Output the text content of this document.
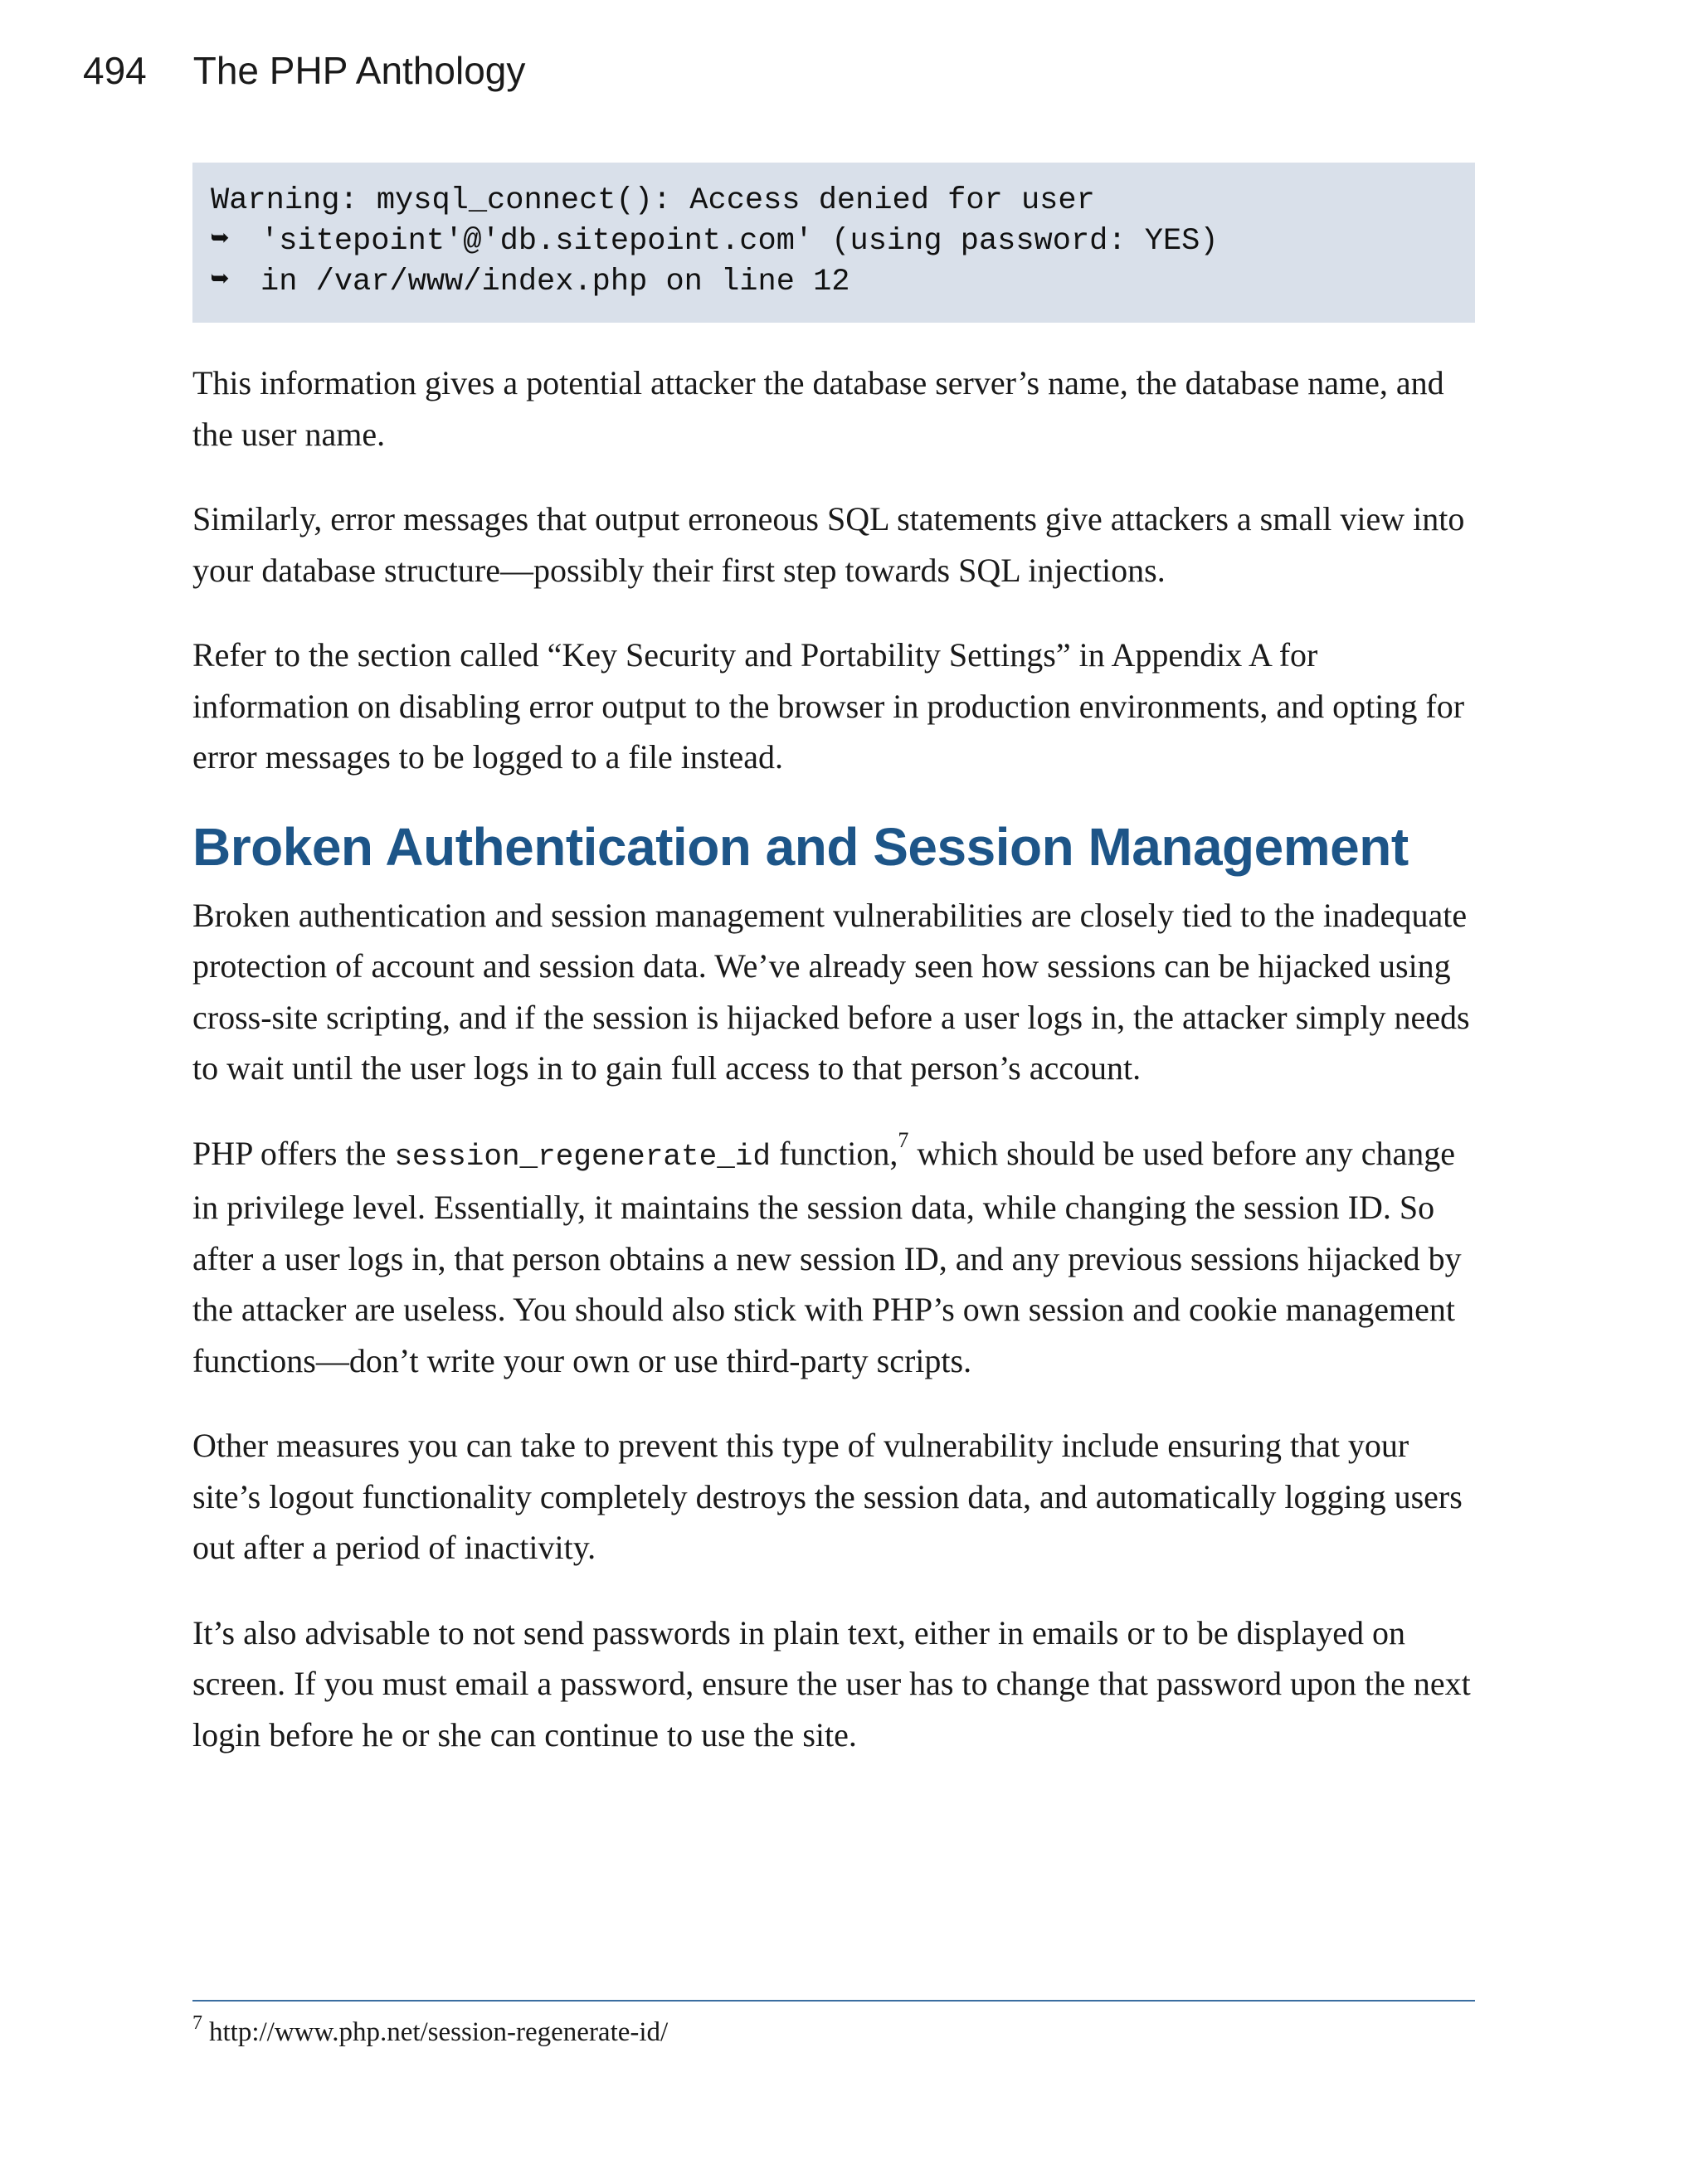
494 The PHP Anthology
Warning: mysql_connect(): Access denied for user
➥ 'sitepoint'@'db.sitepoint.com' (using password: YES)
➥ in /var/www/index.php on line 12

This information gives a potential attacker the database server’s name, the database name, and the user name.

Similarly, error messages that output erroneous SQL statements give attackers a small view into your database structure—possibly their first step towards SQL injections.

Refer to the section called “Key Security and Portability Settings” in Appendix A for information on disabling error output to the browser in production environments, and opting for error messages to be logged to a file instead.

Broken Authentication and Session Management

Broken authentication and session management vulnerabilities are closely tied to the inadequate protection of account and session data. We’ve already seen how sessions can be hijacked using cross-site scripting, and if the session is hijacked before a user logs in, the attacker simply needs to wait until the user logs in to gain full access to that person’s account.

PHP offers the session_regenerate_id function,$^7$ which should be used before any change in privilege level. Essentially, it maintains the session data, while changing the session ID. So after a user logs in, that person obtains a new session ID, and any previous sessions hijacked by the attacker are useless. You should also stick with PHP’s own session and cookie management functions—don’t write your own or use third-party scripts.

Other measures you can take to prevent this type of vulnerability include ensuring that your site’s logout functionality completely destroys the session data, and automatically logging users out after a period of inactivity.

It’s also advisable to not send passwords in plain text, either in emails or to be displayed on screen. If you must email a password, ensure the user has to change that password upon the next login before he or she can continue to use the site.

$^7$ http://www.php.net/session-regenerate-id/
